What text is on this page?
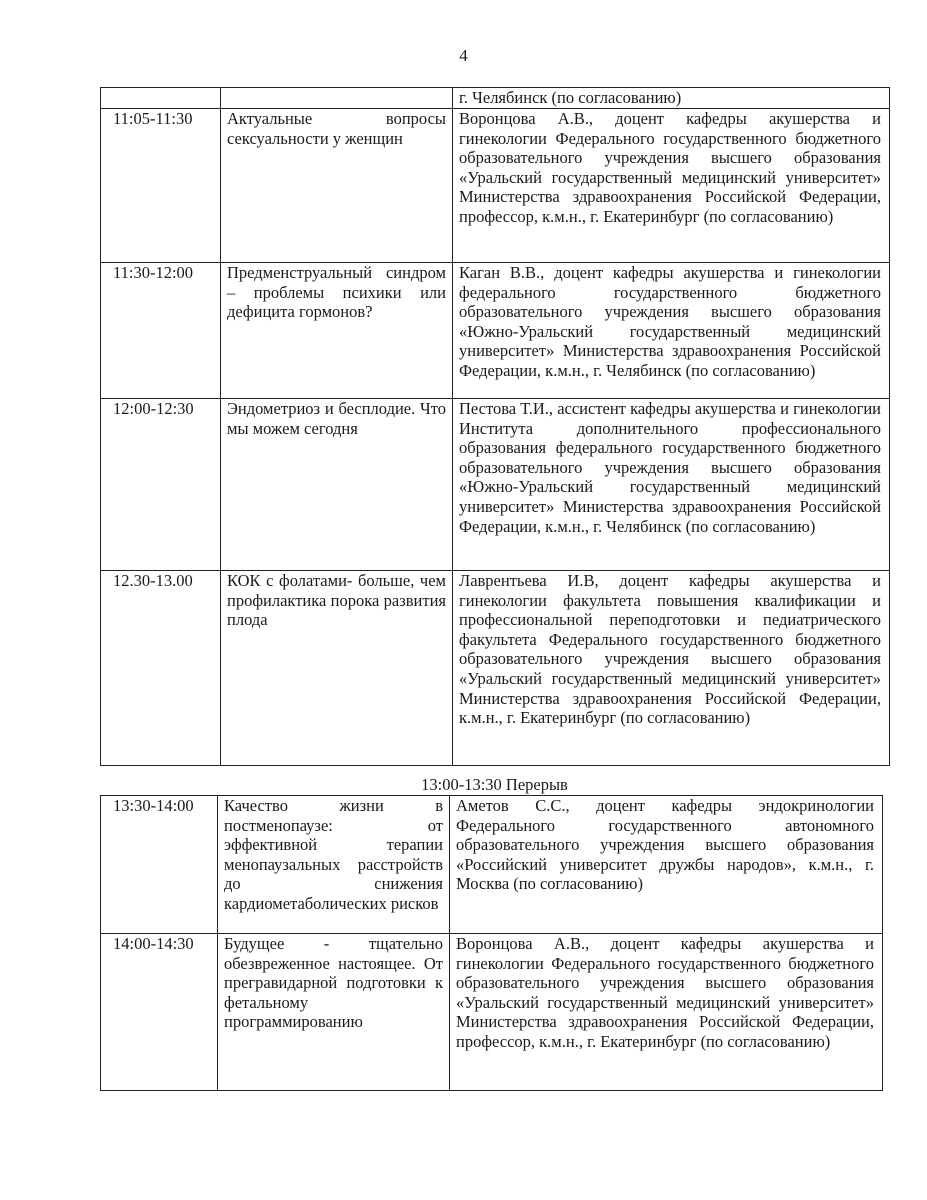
4
		г. Челябинск (по согласованию)
11:05-11:30	Актуальные вопросы сексуальности у женщин	Воронцова А.В., доцент кафедры акушерства и гинекологии Федерального государственного бюджетного образовательного учреждения высшего образования «Уральский государственный медицинский университет» Министерства здравоохранения Российской Федерации, профессор, к.м.н., г. Екатеринбург (по согласованию)
11:30-12:00	Предменструальный синдром – проблемы психики или дефицита гормонов?	Каган В.В., доцент кафедры акушерства и гинекологии федерального государственного бюджетного образовательного учреждения высшего образования «Южно-Уральский государственный медицинский университет» Министерства здравоохранения Российской Федерации, к.м.н., г. Челябинск (по согласованию)
12:00-12:30	Эндометриоз и бесплодие. Что мы можем сегодня	Пестова Т.И., ассистент кафедры акушерства и гинекологии Института дополнительного профессионального образования федерального государственного бюджетного образовательного учреждения высшего образования «Южно-Уральский государственный медицинский университет» Министерства здравоохранения Российской Федерации, к.м.н., г. Челябинск (по согласованию)
12.30-13.00	КОК с фолатами- больше, чем профилактика порока развития плода	Лаврентьева И.В, доцент кафедры акушерства и гинекологии факультета повышения квалификации и профессиональной переподготовки и педиатрического факультета Федерального государственного бюджетного образовательного учреждения высшего образования «Уральский государственный медицинский университет» Министерства здравоохранения Российской Федерации, к.м.н., г. Екатеринбург (по согласованию)
13:00-13:30 Перерыв
13:30-14:00	Качество жизни в постменопаузе: от эффективной терапии менопаузальных расстройств до снижения кардиометаболических рисков	Аметов С.С., доцент кафедры эндокринологии Федерального государственного автономного образовательного учреждения высшего образования «Российский университет дружбы народов», к.м.н., г. Москва (по согласованию)
14:00-14:30	Будущее - тщательно обезвреженное настоящее. От прегравидарной подготовки к фетальному программированию	Воронцова А.В., доцент кафедры акушерства и гинекологии Федерального государственного бюджетного образовательного учреждения высшего образования «Уральский государственный медицинский университет» Министерства здравоохранения Российской Федерации, профессор, к.м.н., г. Екатеринбург (по согласованию)
